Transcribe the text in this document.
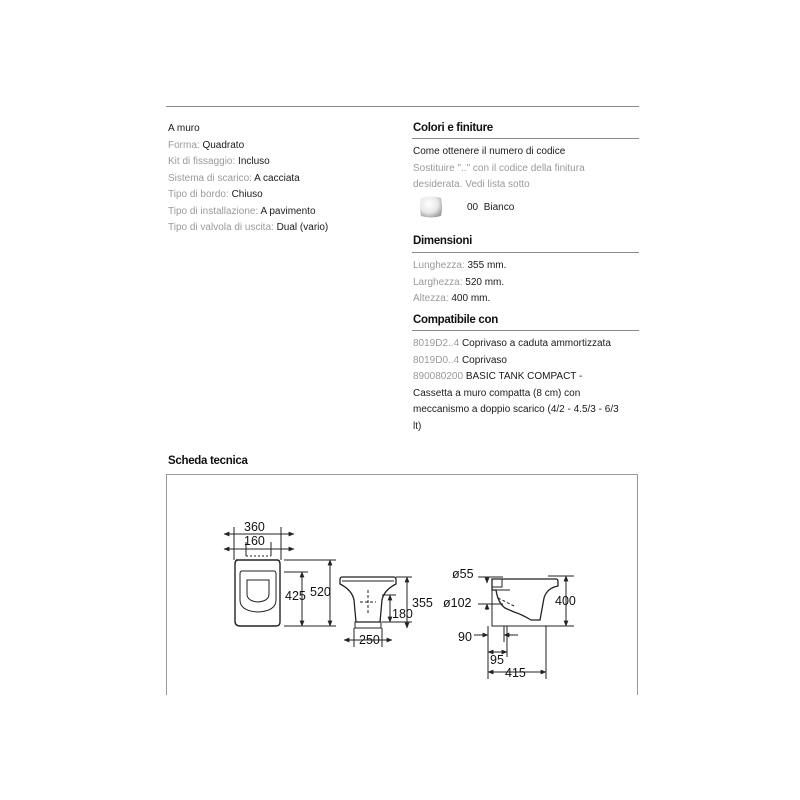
A muro
Forma: Quadrato
Kit di fissaggio: Incluso
Sistema di scarico: A cacciata
Tipo di bordo: Chiuso
Tipo di installazione: A pavimento
Tipo di valvola di uscita: Dual (vario)
Colori e finiture
Come ottenere il numero di codice
Sostituire ".." con il codice della finitura
desiderata. Vedi lista sotto
00 Bianco
Dimensioni
Lunghezza: 355 mm.
Larghezza: 520 mm.
Altezza: 400 mm.
Compatibile con
8019D2..4 Coprivaso a caduta ammortizzata
8019D0..4 Coprivaso
890080200 BASIC TANK COMPACT -
Cassetta a muro compatta (8 cm) con
meccanismo a doppio scarico (4/2 - 4.5/3 - 6/3
lt)
Scheda tecnica
360
160
425 520
250
180
355
ø55
ø102	400
90
95
415
